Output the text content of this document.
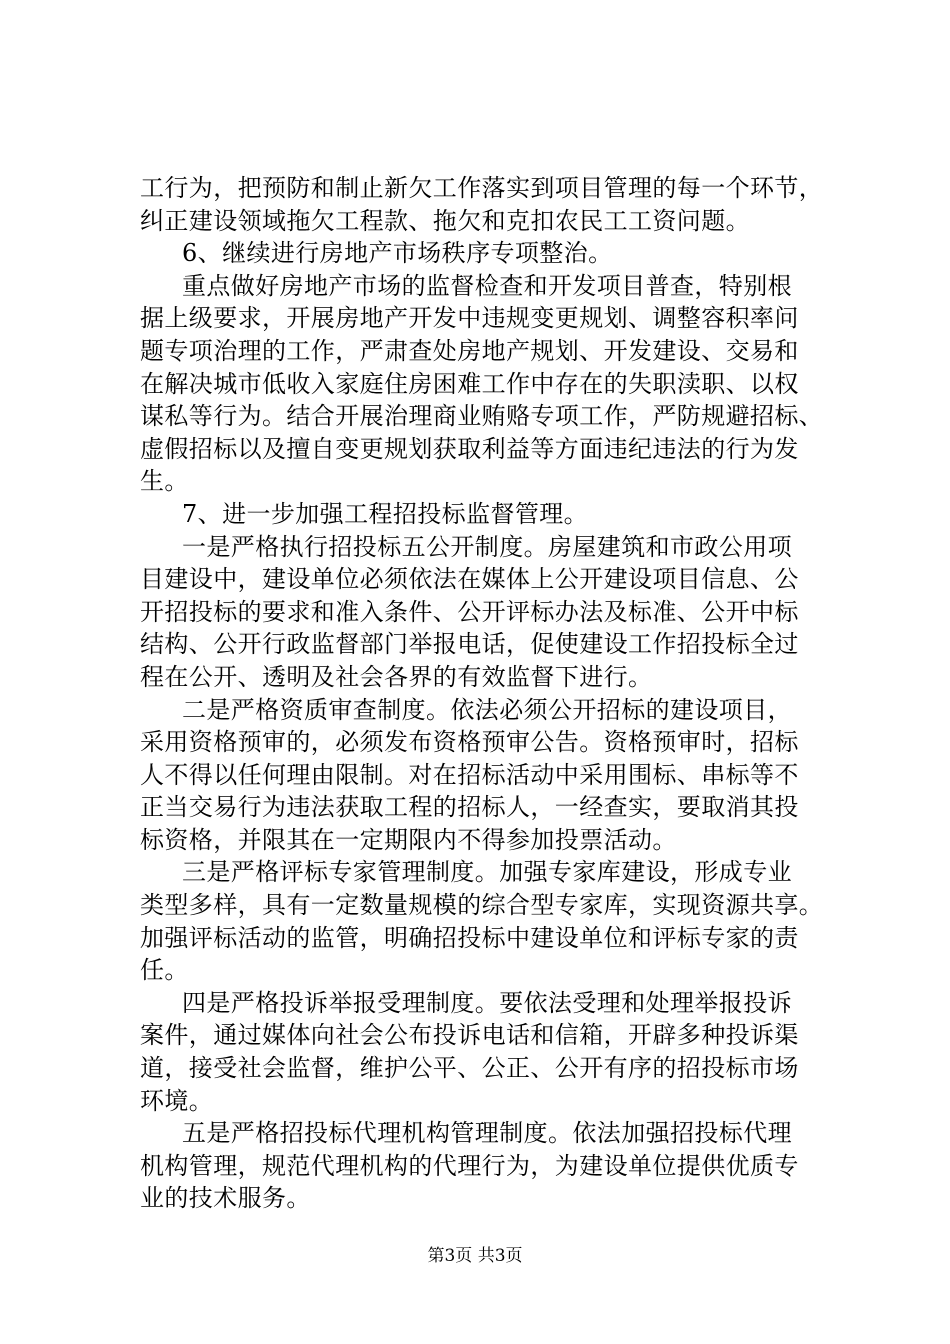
工行为，把预防和制止新欠工作落实到项目管理的每一个环节，
纠正建设领域拖欠工程款、拖欠和克扣农民工工资问题。
6、继续进行房地产市场秩序专项整治。
重点做好房地产市场的监督检查和开发项目普查，特别根
据上级要求，开展房地产开发中违规变更规划、调整容积率问
题专项治理的工作，严肃查处房地产规划、开发建设、交易和
在解决城市低收入家庭住房困难工作中存在的失职渎职、以权
谋私等行为。结合开展治理商业贿赂专项工作，严防规避招标、
虚假招标以及擅自变更规划获取利益等方面违纪违法的行为发
生。
7、进一步加强工程招投标监督管理。
一是严格执行招投标五公开制度。房屋建筑和市政公用项
目建设中，建设单位必须依法在媒体上公开建设项目信息、公
开招投标的要求和准入条件、公开评标办法及标准、公开中标
结构、公开行政监督部门举报电话，促使建设工作招投标全过
程在公开、透明及社会各界的有效监督下进行。
二是严格资质审查制度。依法必须公开招标的建设项目，
采用资格预审的，必须发布资格预审公告。资格预审时，招标
人不得以任何理由限制。对在招标活动中采用围标、串标等不
正当交易行为违法获取工程的招标人，一经查实，要取消其投
标资格，并限其在一定期限内不得参加投票活动。
三是严格评标专家管理制度。加强专家库建设，形成专业
类型多样，具有一定数量规模的综合型专家库，实现资源共享。
加强评标活动的监管，明确招投标中建设单位和评标专家的责
任。
四是严格投诉举报受理制度。要依法受理和处理举报投诉
案件，通过媒体向社会公布投诉电话和信箱，开辟多种投诉渠
道，接受社会监督，维护公平、公正、公开有序的招投标市场
环境。
五是严格招投标代理机构管理制度。依法加强招投标代理
机构管理，规范代理机构的代理行为，为建设单位提供优质专
业的技术服务。
第3页 共3页
